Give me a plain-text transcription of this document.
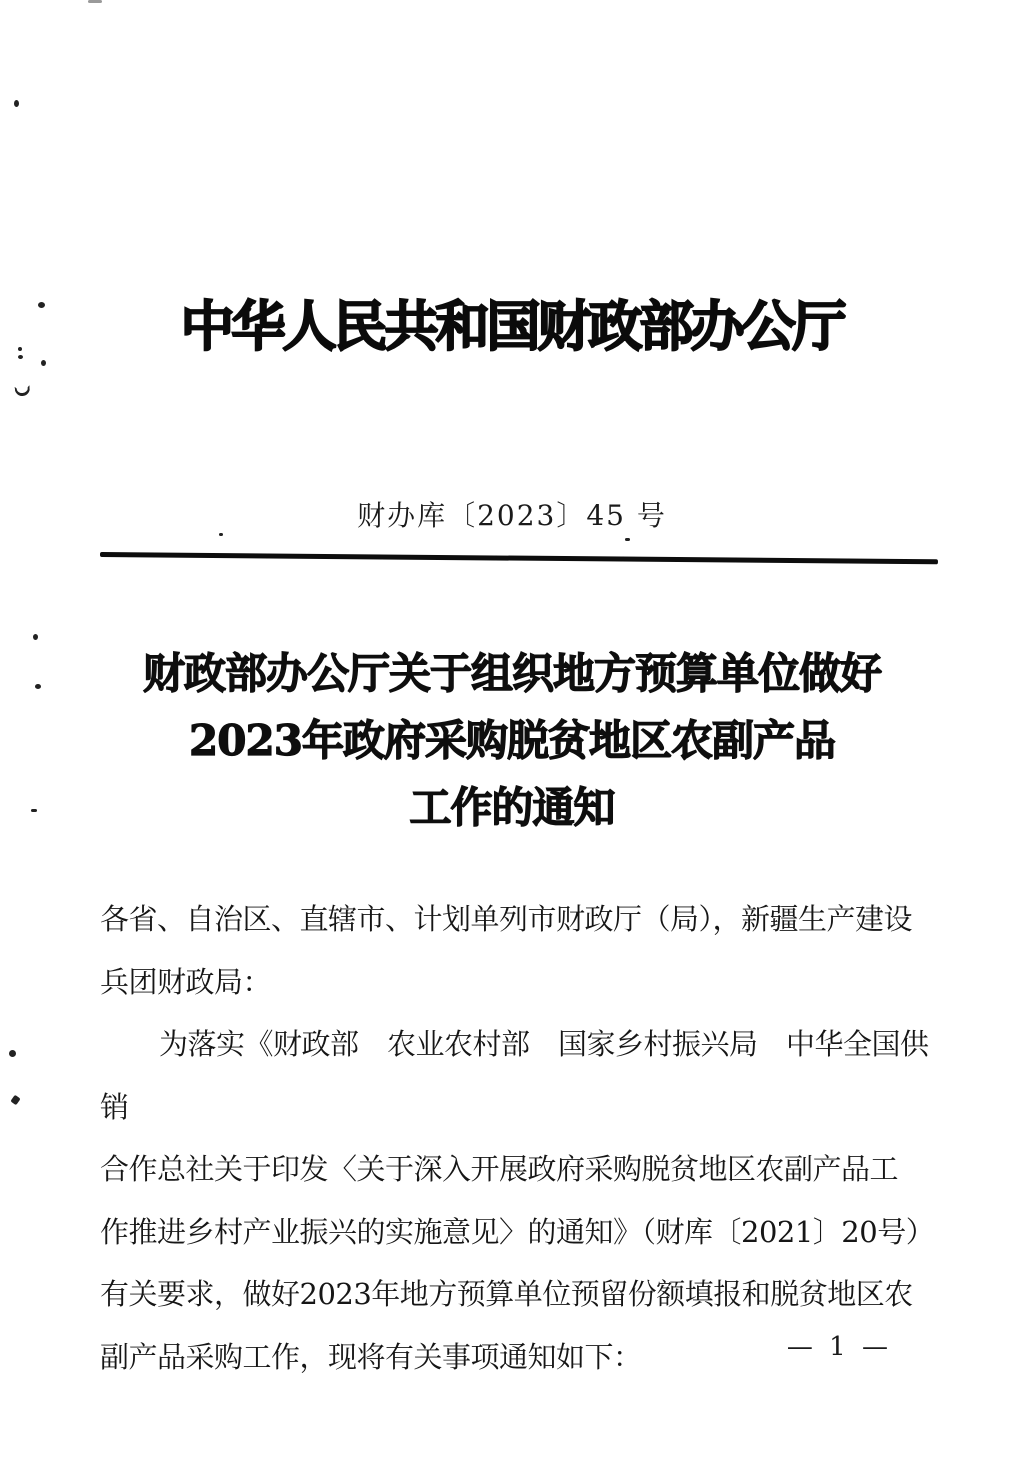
中华人民共和国财政部办公厅
财办库〔2023〕45 号
财政部办公厅关于组织地方预算单位做好
2023年政府采购脱贫地区农副产品
工作的通知
各省、自治区、直辖市、计划单列市财政厅（局），新疆生产建设
兵团财政局：
为落实《财政部　农业农村部　国家乡村振兴局　中华全国供销
合作总社关于印发〈关于深入开展政府采购脱贫地区农副产品工
作推进乡村产业振兴的实施意见〉的通知》（财库〔2021〕20号）
有关要求，做好2023年地方预算单位预留份额填报和脱贫地区农
副产品采购工作，现将有关事项通知如下：	— 1 —
